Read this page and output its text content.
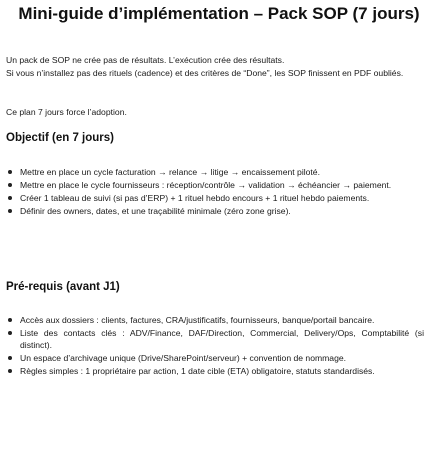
Mini-guide d’implémentation – Pack SOP (7 jours)

Un pack de SOP ne crée pas de résultats. L’exécution crée des résultats.
Si vous n’installez pas des rituels (cadence) et des critères de “Done”, les SOP finissent en PDF oubliés.

Ce plan 7 jours force l’adoption.

Objectif (en 7 jours)
Mettre en place un cycle facturation → relance → litige → encaissement piloté.
Mettre en place le cycle fournisseurs : réception/contrôle → validation → échéancier → paiement.
Créer 1 tableau de suivi (si pas d’ERP) + 1 rituel hebdo encours + 1 rituel hebdo paiements.
Définir des owners, dates, et une traçabilité minimale (zéro zone grise).
Pré-requis (avant J1)
Accès aux dossiers : clients, factures, CRA/justificatifs, fournisseurs, banque/portail bancaire.
Liste des contacts clés : ADV/Finance, DAF/Direction, Commercial, Delivery/Ops, Comptabilité (si distinct).
Un espace d’archivage unique (Drive/SharePoint/serveur) + convention de nommage.
Règles simples : 1 propriétaire par action, 1 date cible (ETA) obligatoire, statuts standardisés.
